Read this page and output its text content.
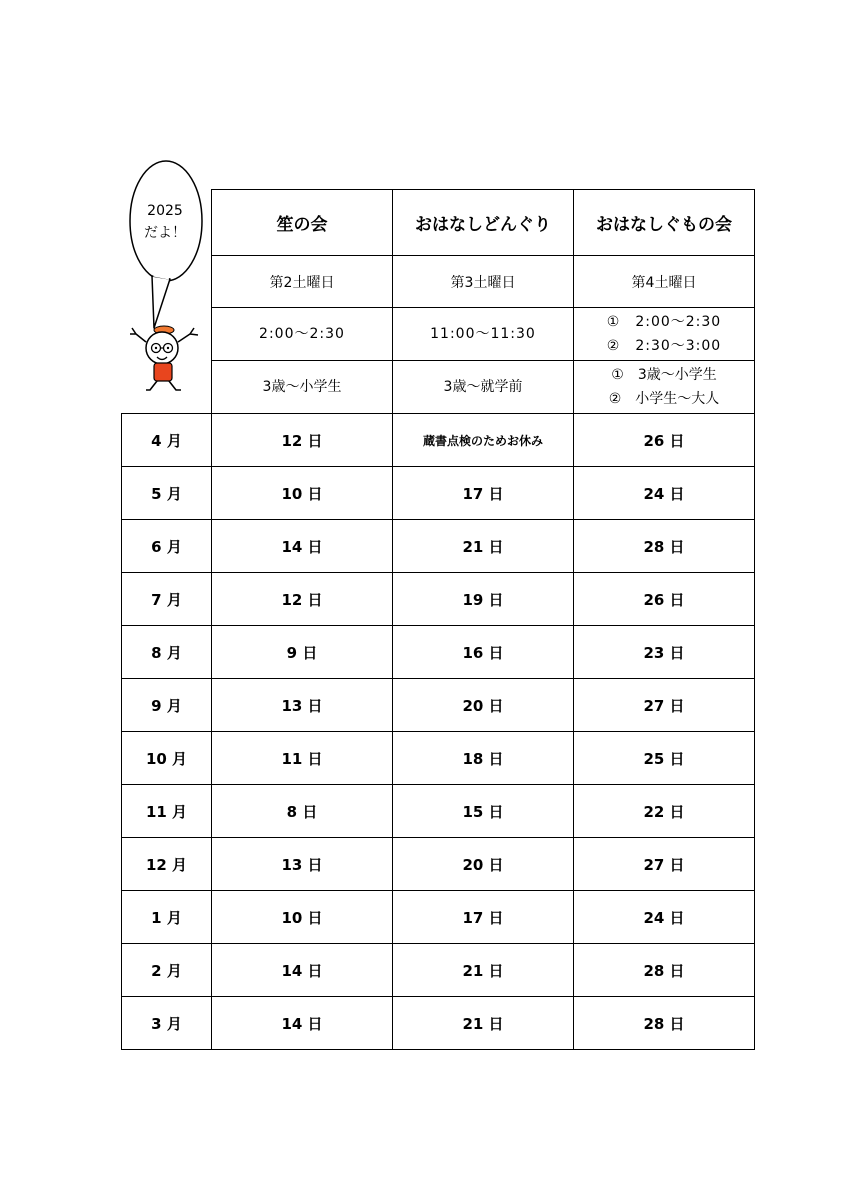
2025
だよ！
		笙の会	おはなしどんぐり	おはなしぐもの会
	第2土曜日	第3土曜日	第4土曜日

	2:00～2:30	11:00～11:30	①　2:00～2:30
②　2:30～3:00

	3歳～小学生	3歳～就学前	①　3歳～小学生
②　小学生～大人

4 月	12 日	蔵書点検のためお休み	26 日
5 月	10 日	17 日	24 日
6 月	14 日	21 日	28 日
7 月	12 日	19 日	26 日
8 月	9 日	16 日	23 日
9 月	13 日	20 日	27 日
10 月	11 日	18 日	25 日
11 月	8 日	15 日	22 日
12 月	13 日	20 日	27 日
1 月	10 日	17 日	24 日
2 月	14 日	21 日	28 日
3 月	14 日	21 日	28 日
